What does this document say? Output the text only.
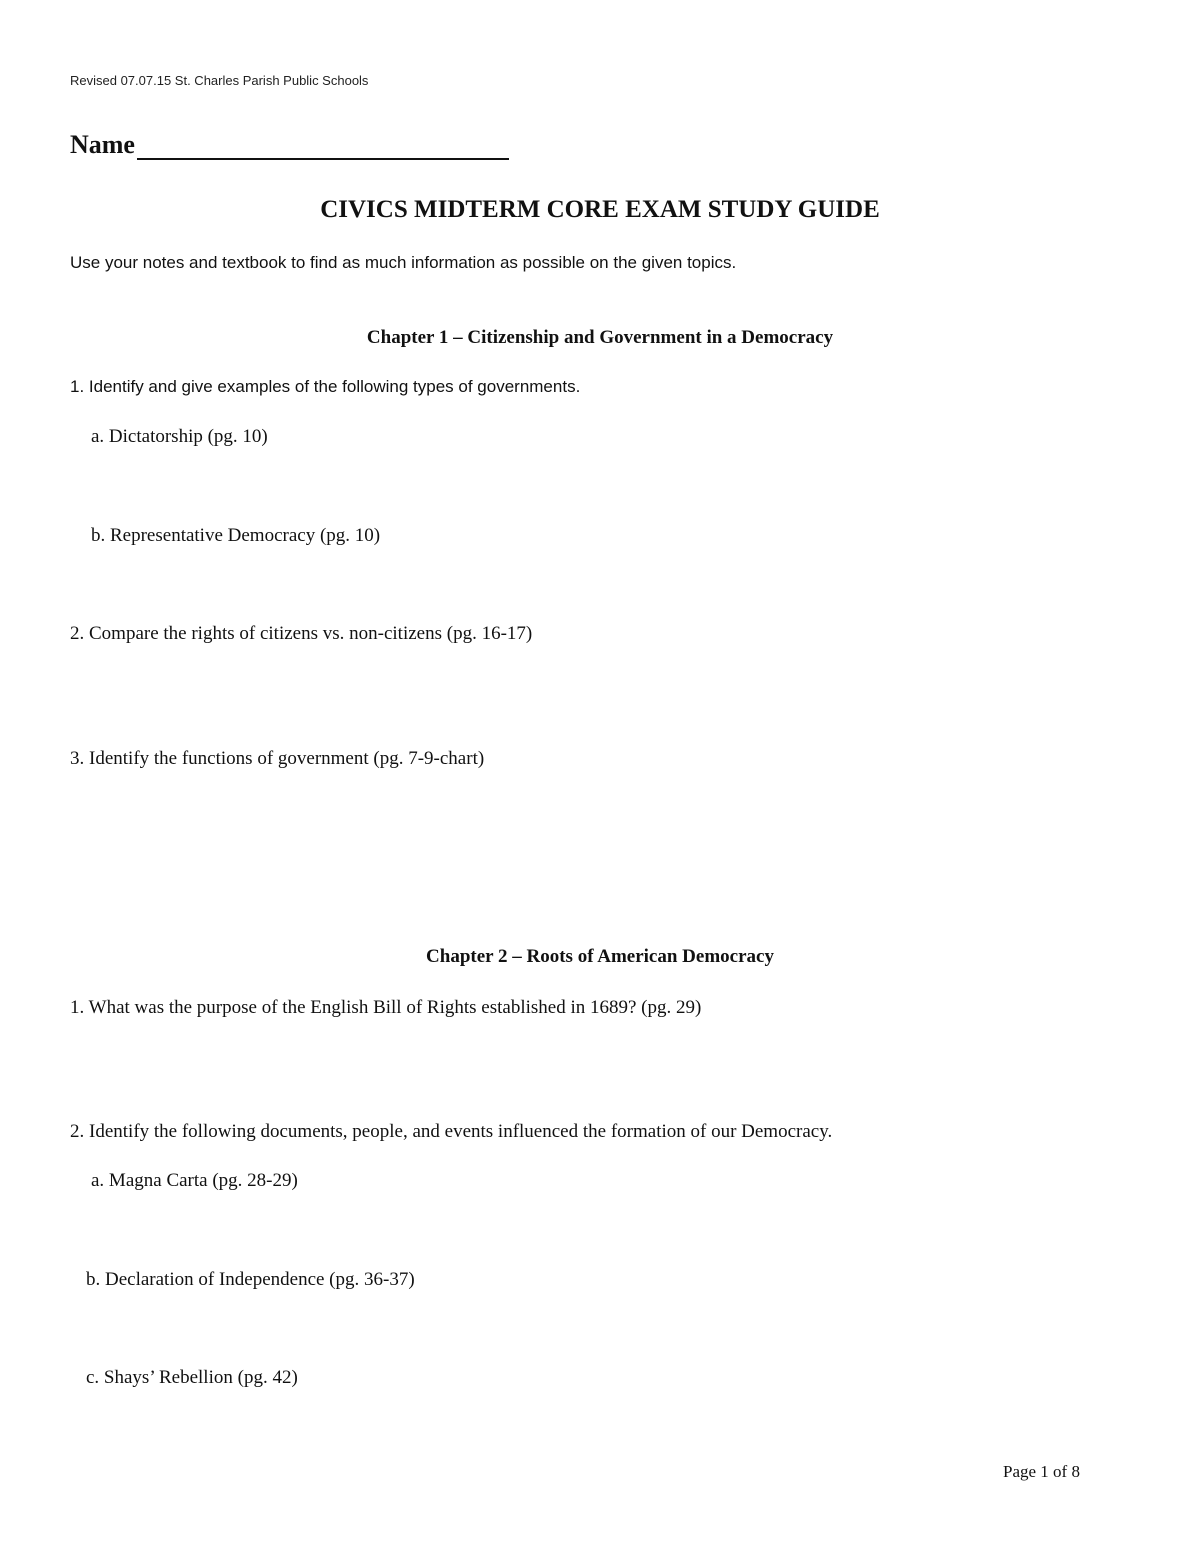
Revised 07.07.15 St. Charles Parish Public Schools
Name
CIVICS MIDTERM CORE EXAM STUDY GUIDE
Use your notes and textbook to find as much information as possible on the given topics.
Chapter 1 – Citizenship and Government in a Democracy
1. Identify and give examples of the following types of governments.
a. Dictatorship (pg. 10)
b. Representative Democracy (pg. 10)
2. Compare the rights of citizens vs. non-citizens (pg. 16-17)
3. Identify the functions of government (pg. 7-9-chart)
Chapter 2 – Roots of American Democracy
1. What was the purpose of the English Bill of Rights established in 1689? (pg. 29)
2. Identify the following documents, people, and events influenced the formation of our Democracy.
a. Magna Carta (pg. 28-29)
b. Declaration of Independence (pg. 36-37)
c. Shays’ Rebellion (pg. 42)
Page 1 of 8
